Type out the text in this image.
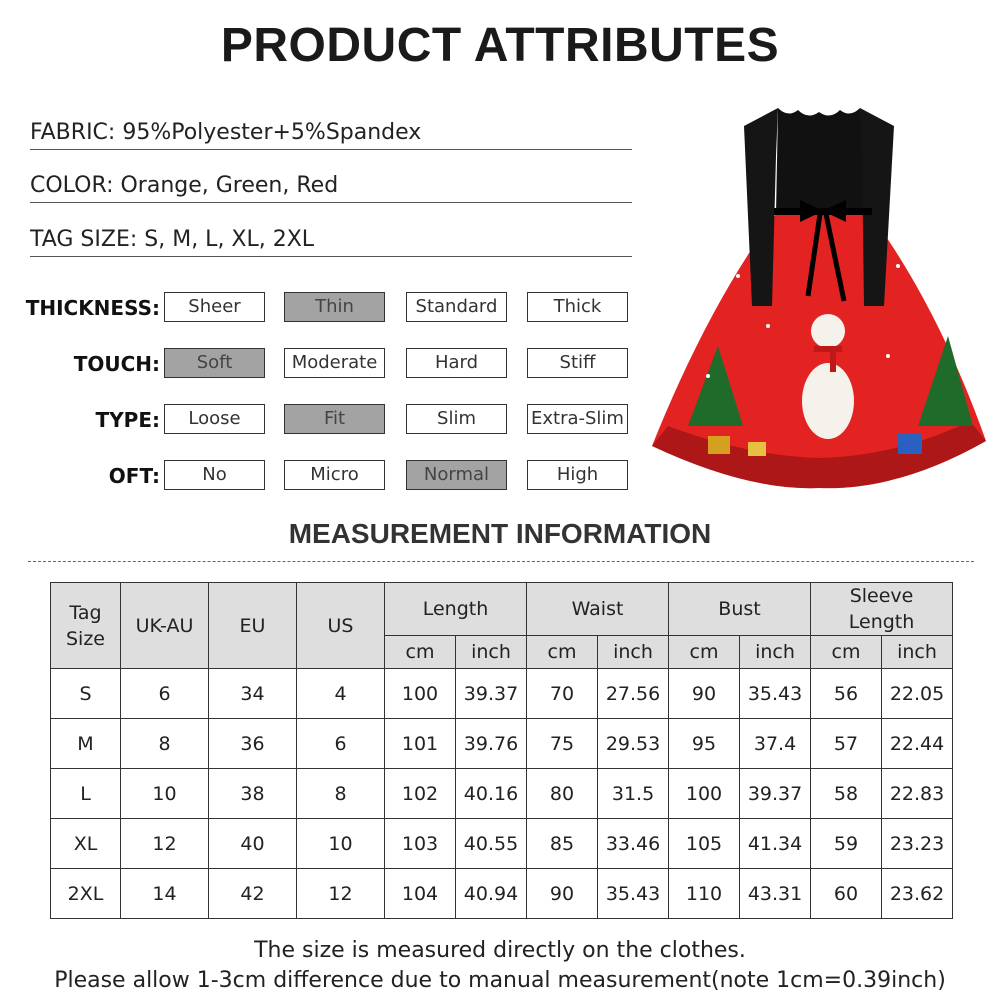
PRODUCT ATTRIBUTES
FABRIC: 95%Polyester+5%Spandex
COLOR: Orange, Green, Red
TAG SIZE: S, M, L, XL, 2XL
THICKNESS:	Sheer	Thin	Standard	Thick
TOUCH:	Soft	Moderate	Hard	Stiff
TYPE:	Loose	Fit	Slim	Extra-Slim
OFT:	No	Micro	Normal	High
MEASUREMENT INFORMATION
Tag Size	UK-AU	EU	US	Length		Waist		Bust		Sleeve Length	
				cm	inch	cm	inch	cm	inch	cm	inch
S	6	34	4	100	39.37	70	27.56	90	35.43	56	22.05
M	8	36	6	101	39.76	75	29.53	95	37.4	57	22.44
L	10	38	8	102	40.16	80	31.5	100	39.37	58	22.83
XL	12	40	10	103	40.55	85	33.46	105	41.34	59	23.23
2XL	14	42	12	104	40.94	90	35.43	110	43.31	60	23.62
The size is measured directly on the clothes.
Please allow 1-3cm difference due to manual measurement(note 1cm=0.39inch)
